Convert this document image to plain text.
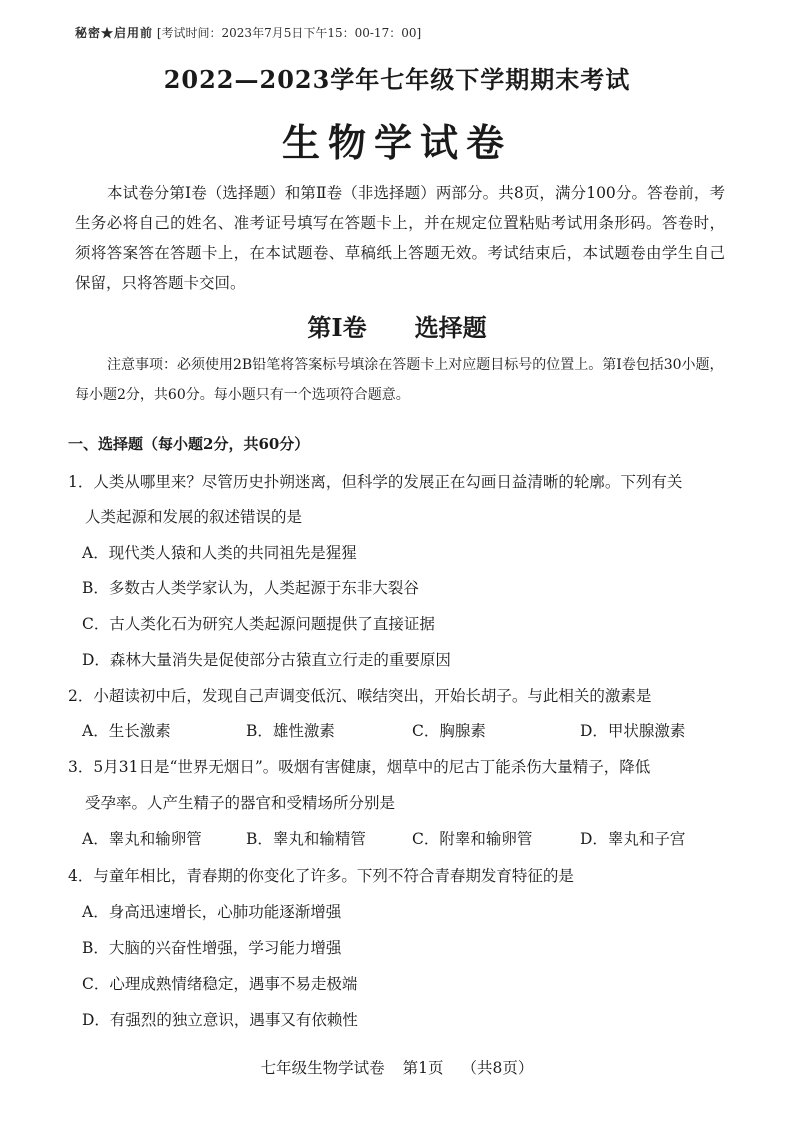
秘密★启用前 [考试时间：2023年7月5日下午15：00-17：00]
2022—2023学年七年级下学期期末考试
生物学试卷
本试卷分第Ⅰ卷（选择题）和第Ⅱ卷（非选择题）两部分。共8页，满分100分。答卷前，考生务必将自己的姓名、准考证号填写在答题卡上，并在规定位置粘贴考试用条形码。答卷时，须将答案答在答题卡上，在本试题卷、草稿纸上答题无效。考试结束后，本试题卷由学生自己保留，只将答题卡交回。
第Ⅰ卷 选择题
注意事项：必须使用2B铅笔将答案标号填涂在答题卡上对应题目标号的位置上。第Ⅰ卷包括30小题，每小题2分，共60分。每小题只有一个选项符合题意。
一、选择题（每小题2分，共60分）
1．人类从哪里来？尽管历史扑朔迷离，但科学的发展正在勾画日益清晰的轮廓。下列有关
人类起源和发展的叙述错误的是
A．现代类人猿和人类的共同祖先是猩猩
B．多数古人类学家认为，人类起源于东非大裂谷
C．古人类化石为研究人类起源问题提供了直接证据
D．森林大量消失是促使部分古猿直立行走的重要原因
2．小超读初中后，发现自己声调变低沉、喉结突出，开始长胡子。与此相关的激素是
A．生长激素	B．雄性激素	C．胸腺素	D．甲状腺激素
3．5月31日是“世界无烟日”。吸烟有害健康，烟草中的尼古丁能杀伤大量精子，降低
受孕率。人产生精子的器官和受精场所分别是
A．睾丸和输卵管	B．睾丸和输精管	C．附睾和输卵管	D．睾丸和子宫
4．与童年相比，青春期的你变化了许多。下列不符合青春期发育特征的是
A．身高迅速增长，心肺功能逐渐增强
B．大脑的兴奋性增强，学习能力增强
C．心理成熟情绪稳定，遇事不易走极端
D．有强烈的独立意识，遇事又有依赖性
七年级生物学试卷 第1页 （共8页）
